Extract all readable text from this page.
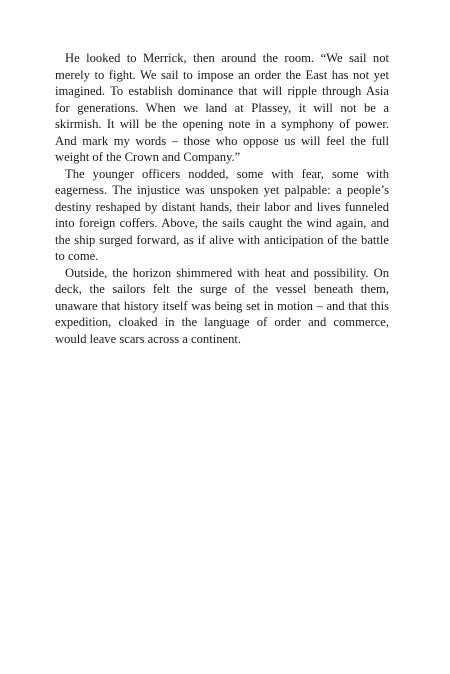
He looked to Merrick, then around the room. “We sail not merely to fight. We sail to impose an order the East has not yet imagined. To establish dominance that will ripple through Asia for generations. When we land at Plassey, it will not be a skirmish. It will be the opening note in a symphony of power. And mark my words – those who oppose us will feel the full weight of the Crown and Company.”

The younger officers nodded, some with fear, some with eagerness. The injustice was unspoken yet palpable: a people’s destiny reshaped by distant hands, their labor and lives funneled into foreign coffers. Above, the sails caught the wind again, and the ship surged forward, as if alive with anticipation of the battle to come.

Outside, the horizon shimmered with heat and possibility. On deck, the sailors felt the surge of the vessel beneath them, unaware that history itself was being set in motion – and that this expedition, cloaked in the language of order and commerce, would leave scars across a continent.
